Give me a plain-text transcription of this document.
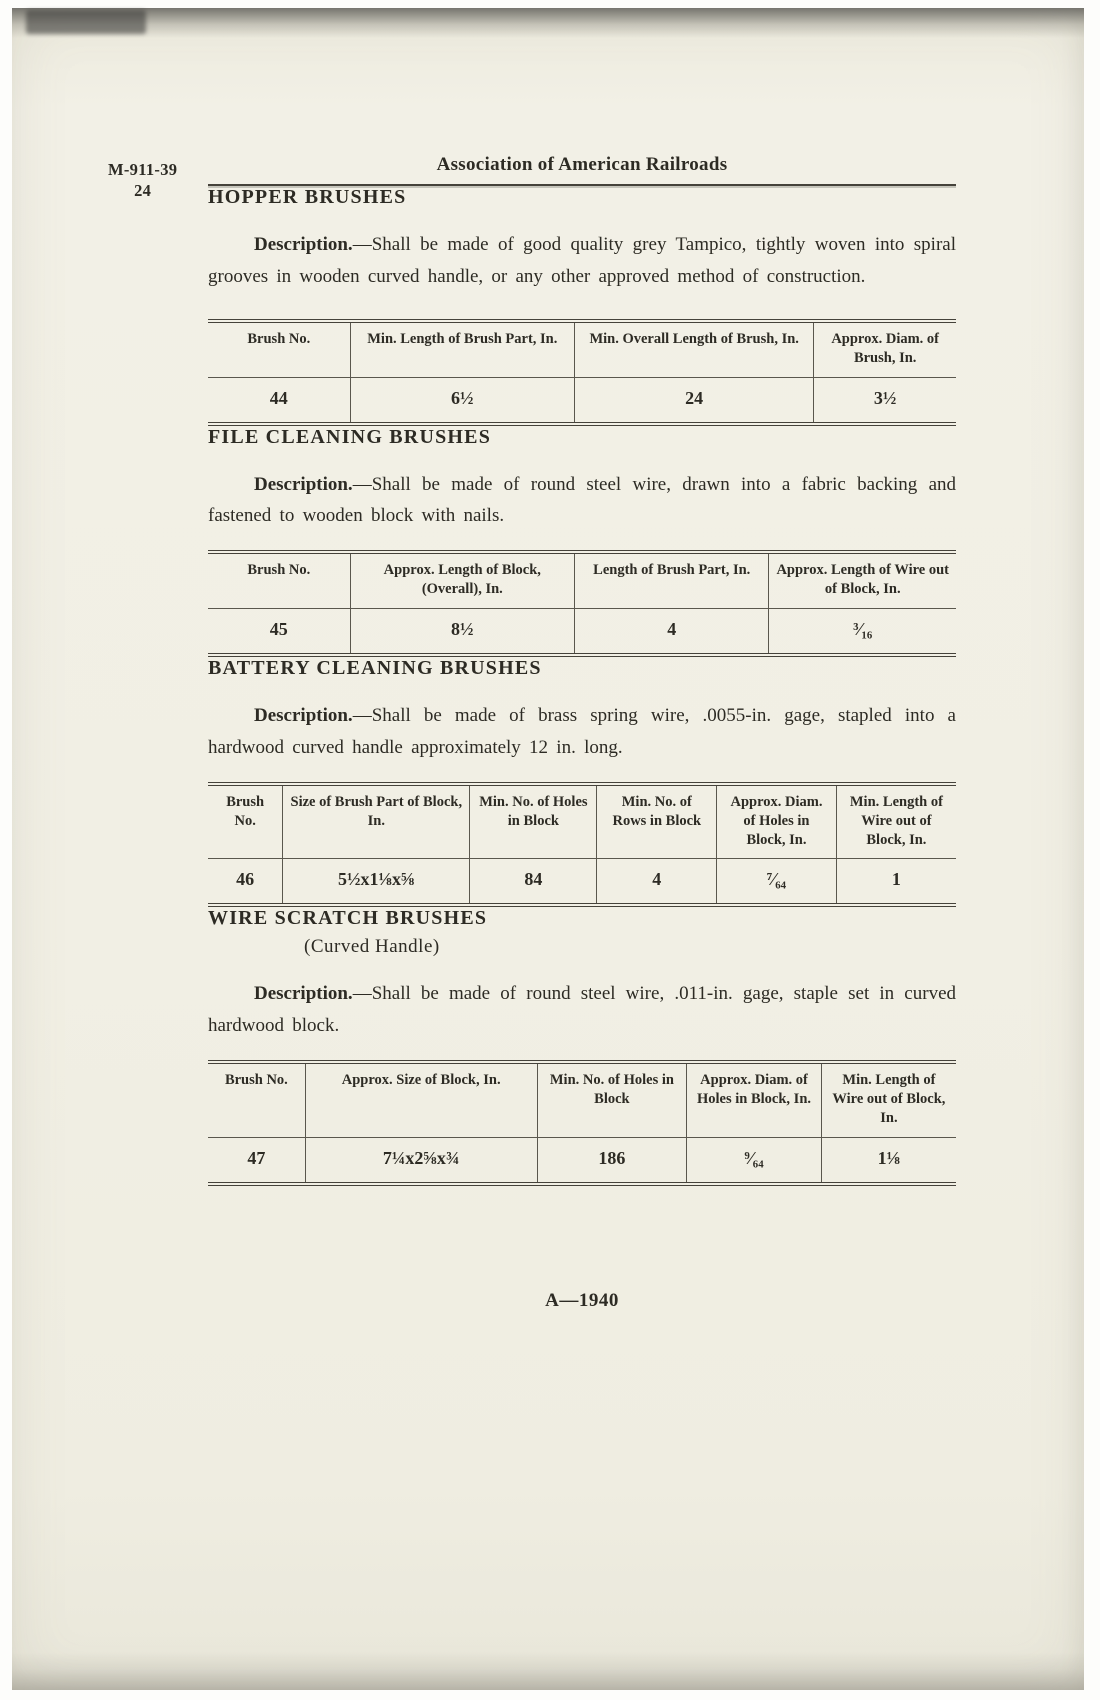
M-911-39
24
Association of American Railroads
HOPPER BRUSHES

Description.—Shall be made of good quality grey Tampico, tightly woven into spiral grooves in wooden curved handle, or any other approved method of construction.

Brush No.	Min. Length of Brush Part, In.	Min. Overall Length of Brush, In.	Approx. Diam. of Brush, In.
44	6½	24	3½
FILE CLEANING BRUSHES

Description.—Shall be made of round steel wire, drawn into a fabric backing and fastened to wooden block with nails.

Brush No.	Approx. Length of Block, (Overall), In.	Length of Brush Part, In.	Approx. Length of Wire out of Block, In.
45	8½	4	³⁄₁₆
BATTERY CLEANING BRUSHES

Description.—Shall be made of brass spring wire, .0055-in. gage, stapled into a hardwood curved handle approximately 12 in. long.

Brush No.	Size of Brush Part of Block, In.	Min. No. of Holes in Block	Min. No. of Rows in Block	Approx. Diam. of Holes in Block, In.	Min. Length of Wire out of Block, In.
46	5½x1⅛x⅝	84	4	⁷⁄₆₄	1
WIRE SCRATCH BRUSHES
(Curved Handle)

Description.—Shall be made of round steel wire, .011-in. gage, staple set in curved hardwood block.

Brush No.	Approx. Size of Block, In.	Min. No. of Holes in Block	Approx. Diam. of Holes in Block, In.	Min. Length of Wire out of Block, In.
47	7¼x2⅝x¾	186	⁹⁄₆₄	1⅛
A—1940
